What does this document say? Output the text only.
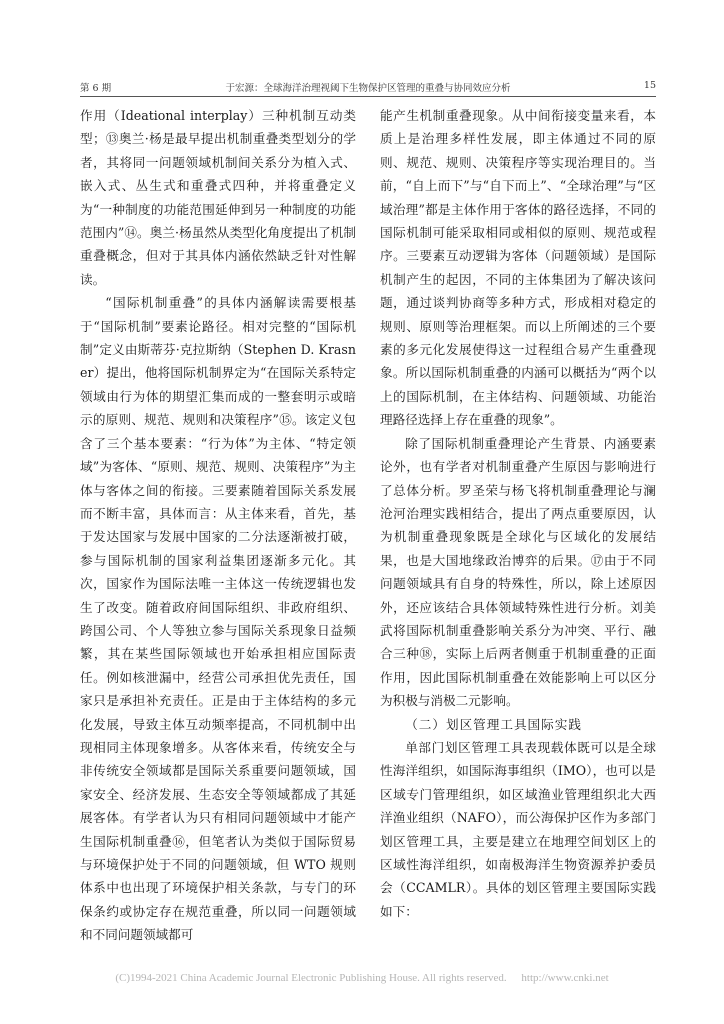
第 6 期	于宏源：全球海洋治理视阈下生物保护区管理的重叠与协同效应分析	15

作用（Ideational interplay）三种机制互动类型；⑬奥兰·杨是最早提出机制重叠类型划分的学者，其将同一问题领域机制间关系分为植入式、嵌入式、丛生式和重叠式四种，并将重叠定义为“一种制度的功能范围延伸到另一种制度的功能范围内”⑭。奥兰·杨虽然从类型化角度提出了机制重叠概念，但对于其具体内涵依然缺乏针对性解读。

“国际机制重叠”的具体内涵解读需要根基于“国际机制”要素论路径。相对完整的“国际机制”定义由斯蒂芬·克拉斯纳（Stephen D. Krasner）提出，他将国际机制界定为“在国际关系特定领域由行为体的期望汇集而成的一整套明示或暗示的原则、规范、规则和决策程序”⑮。该定义包含了三个基本要素：“行为体”为主体、“特定领域”为客体、“原则、规范、规则、决策程序”为主体与客体之间的衔接。三要素随着国际关系发展而不断丰富，具体而言：从主体来看，首先，基于发达国家与发展中国家的二分法逐渐被打破，参与国际机制的国家利益集团逐渐多元化。其次，国家作为国际法唯一主体这一传统逻辑也发生了改变。随着政府间国际组织、非政府组织、跨国公司、个人等独立参与国际关系现象日益频繁，其在某些国际领域也开始承担相应国际责任。例如核泄漏中，经营公司承担优先责任，国家只是承担补充责任。正是由于主体结构的多元化发展，导致主体互动频率提高，不同机制中出现相同主体现象增多。从客体来看，传统安全与非传统安全领域都是国际关系重要问题领域，国家安全、经济发展、生态安全等领域都成了其延展客体。有学者认为只有相同问题领域中才能产生国际机制重叠⑯，但笔者认为类似于国际贸易与环境保护处于不同的问题领域，但 WTO 规则体系中也出现了环境保护相关条款，与专门的环保条约或协定存在规范重叠，所以同一问题领域和不同问题领域都可

能产生机制重叠现象。从中间衔接变量来看，本质上是治理多样性发展，即主体通过不同的原则、规范、规则、决策程序等实现治理目的。当前，“自上而下”与“自下而上”、“全球治理”与“区域治理”都是主体作用于客体的路径选择，不同的国际机制可能采取相同或相似的原则、规范或程序。三要素互动逻辑为客体（问题领域）是国际机制产生的起因，不同的主体集团为了解决该问题，通过谈判协商等多种方式，形成相对稳定的规则、原则等治理框架。而以上所阐述的三个要素的多元化发展使得这一过程组合易产生重叠现象。所以国际机制重叠的内涵可以概括为“两个以上的国际机制，在主体结构、问题领域、功能治理路径选择上存在重叠的现象”。

除了国际机制重叠理论产生背景、内涵要素论外，也有学者对机制重叠产生原因与影响进行了总体分析。罗圣荣与杨飞将机制重叠理论与澜沧河治理实践相结合，提出了两点重要原因，认为机制重叠现象既是全球化与区域化的发展结果，也是大国地缘政治博弈的后果。⑰由于不同问题领域具有自身的特殊性，所以，除上述原因外，还应该结合具体领域特殊性进行分析。刘美武将国际机制重叠影响关系分为冲突、平行、融合三种⑱，实际上后两者侧重于机制重叠的正面作用，因此国际机制重叠在效能影响上可以区分为积极与消极二元影响。

（二）划区管理工具国际实践

单部门划区管理工具表现载体既可以是全球性海洋组织，如国际海事组织（IMO），也可以是区域专门管理组织，如区域渔业管理组织北大西洋渔业组织（NAFO），而公海保护区作为多部门划区管理工具，主要是建立在地理空间划区上的区域性海洋组织，如南极海洋生物资源养护委员会（CCAMLR）。具体的划区管理主要国际实践如下：

(C)1994-2021 China Academic Journal Electronic Publishing House. All rights reserved. http://www.cnki.net
